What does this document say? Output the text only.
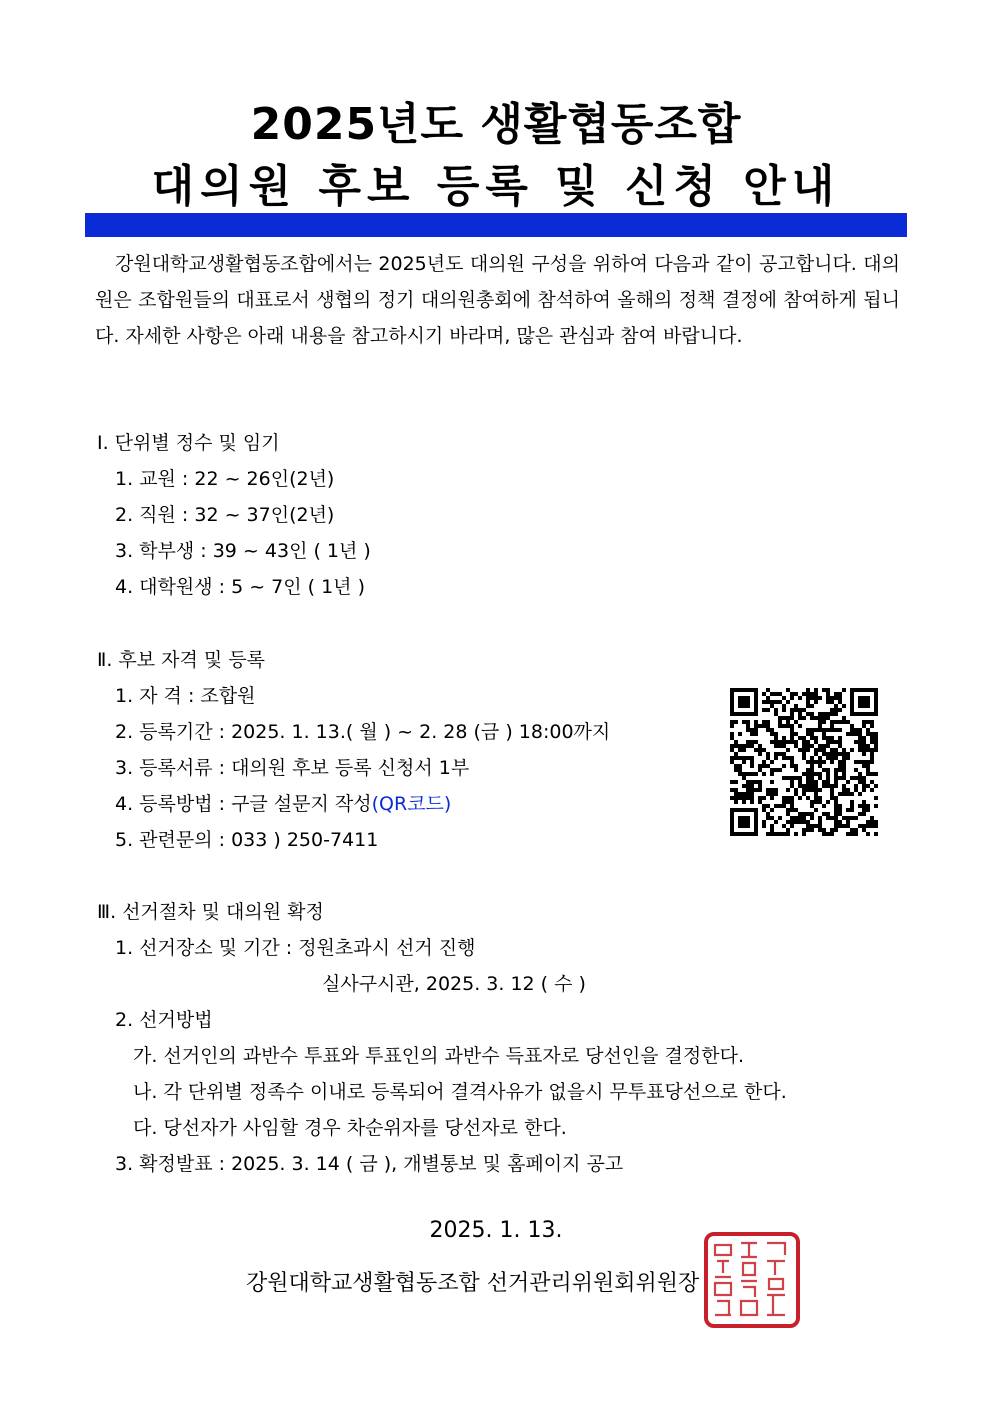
2025년도 생활협동조합
대의원 후보 등록 및 신청 안내
강원대학교생활협동조합에서는 2025년도 대의원 구성을 위하여 다음과 같이 공고합니다. 대의원은 조합원들의 대표로서 생협의 정기 대의원총회에 참석하여 올해의 정책 결정에 참여하게 됩니다. 자세한 사항은 아래 내용을 참고하시기 바라며, 많은 관심과 참여 바랍니다.
Ⅰ. 단위별 정수 및 임기
1. 교원 : 22 ~ 26인(2년)
2. 직원 : 32 ~ 37인(2년)
3. 학부생 : 39 ~ 43인 ( 1년 )
4. 대학원생 : 5 ~ 7인 ( 1년 )
Ⅱ. 후보 자격 및 등록
1. 자 격 : 조합원
2. 등록기간 : 2025. 1. 13.( 월 ) ~ 2. 28 (금 ) 18:00까지
3. 등록서류 : 대의원 후보 등록 신청서 1부
4. 등록방법 : 구글 설문지 작성(QR코드)
5. 관련문의 : 033 ) 250-7411
Ⅲ. 선거절차 및 대의원 확정
1. 선거장소 및 기간 : 정원초과시 선거 진행
실사구시관, 2025. 3. 12 ( 수 )
2. 선거방법
가. 선거인의 과반수 투표와 투표인의 과반수 득표자로 당선인을 결정한다.
나. 각 단위별 정족수 이내로 등록되어 결격사유가 없을시 무투표당선으로 한다.
다. 당선자가 사임할 경우 차순위자를 당선자로 한다.
3. 확정발표 : 2025. 3. 14 ( 금 ), 개별통보 및 홈페이지 공고
2025. 1. 13.
강원대학교생활협동조합 선거관리위원회위원장
